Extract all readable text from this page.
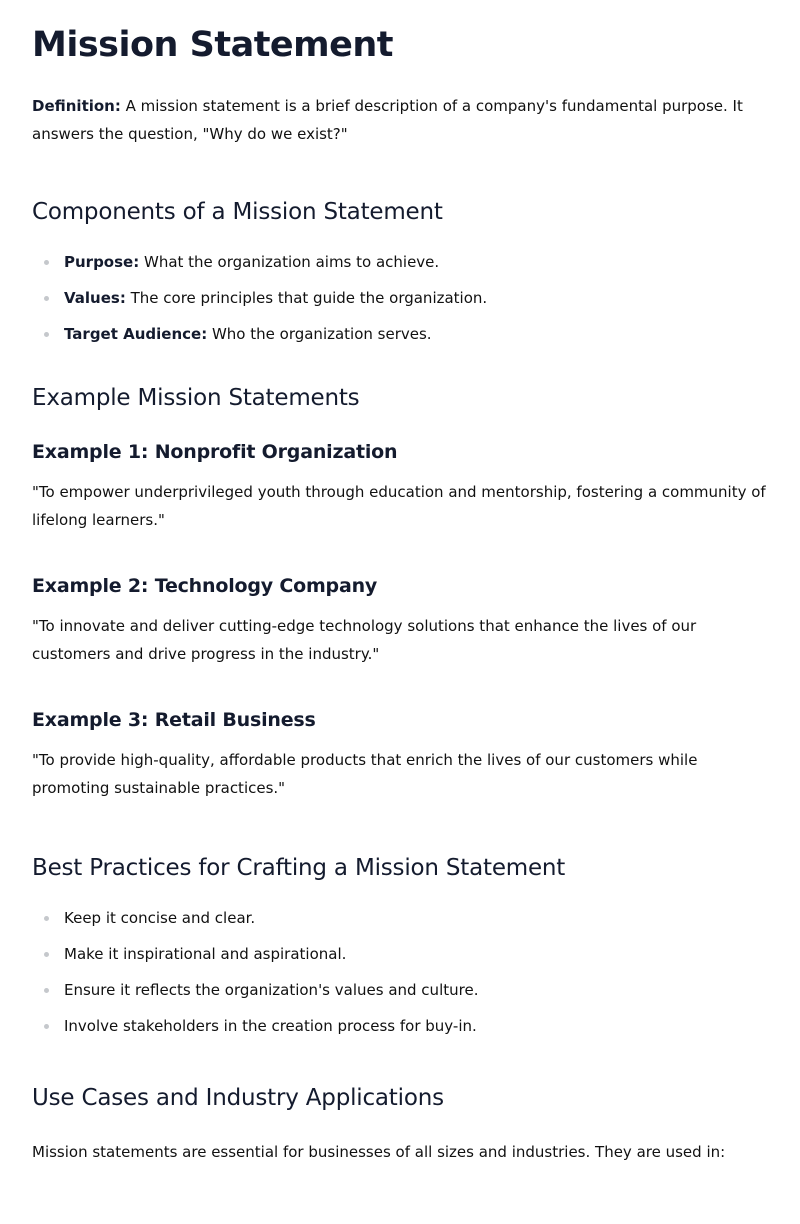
Mission Statement

Definition: A mission statement is a brief description of a company's fundamental purpose. It answers the question, "Why do we exist?"

Components of a Mission Statement
Purpose: What the organization aims to achieve.
Values: The core principles that guide the organization.
Target Audience: Who the organization serves.
Example Mission Statements
Example 1: Nonprofit Organization

"To empower underprivileged youth through education and mentorship, fostering a community of lifelong learners."

Example 2: Technology Company

"To innovate and deliver cutting-edge technology solutions that enhance the lives of our customers and drive progress in the industry."

Example 3: Retail Business

"To provide high-quality, affordable products that enrich the lives of our customers while promoting sustainable practices."

Best Practices for Crafting a Mission Statement
Keep it concise and clear.
Make it inspirational and aspirational.
Ensure it reflects the organization's values and culture.
Involve stakeholders in the creation process for buy-in.
Use Cases and Industry Applications

Mission statements are essential for businesses of all sizes and industries. They are used in:
